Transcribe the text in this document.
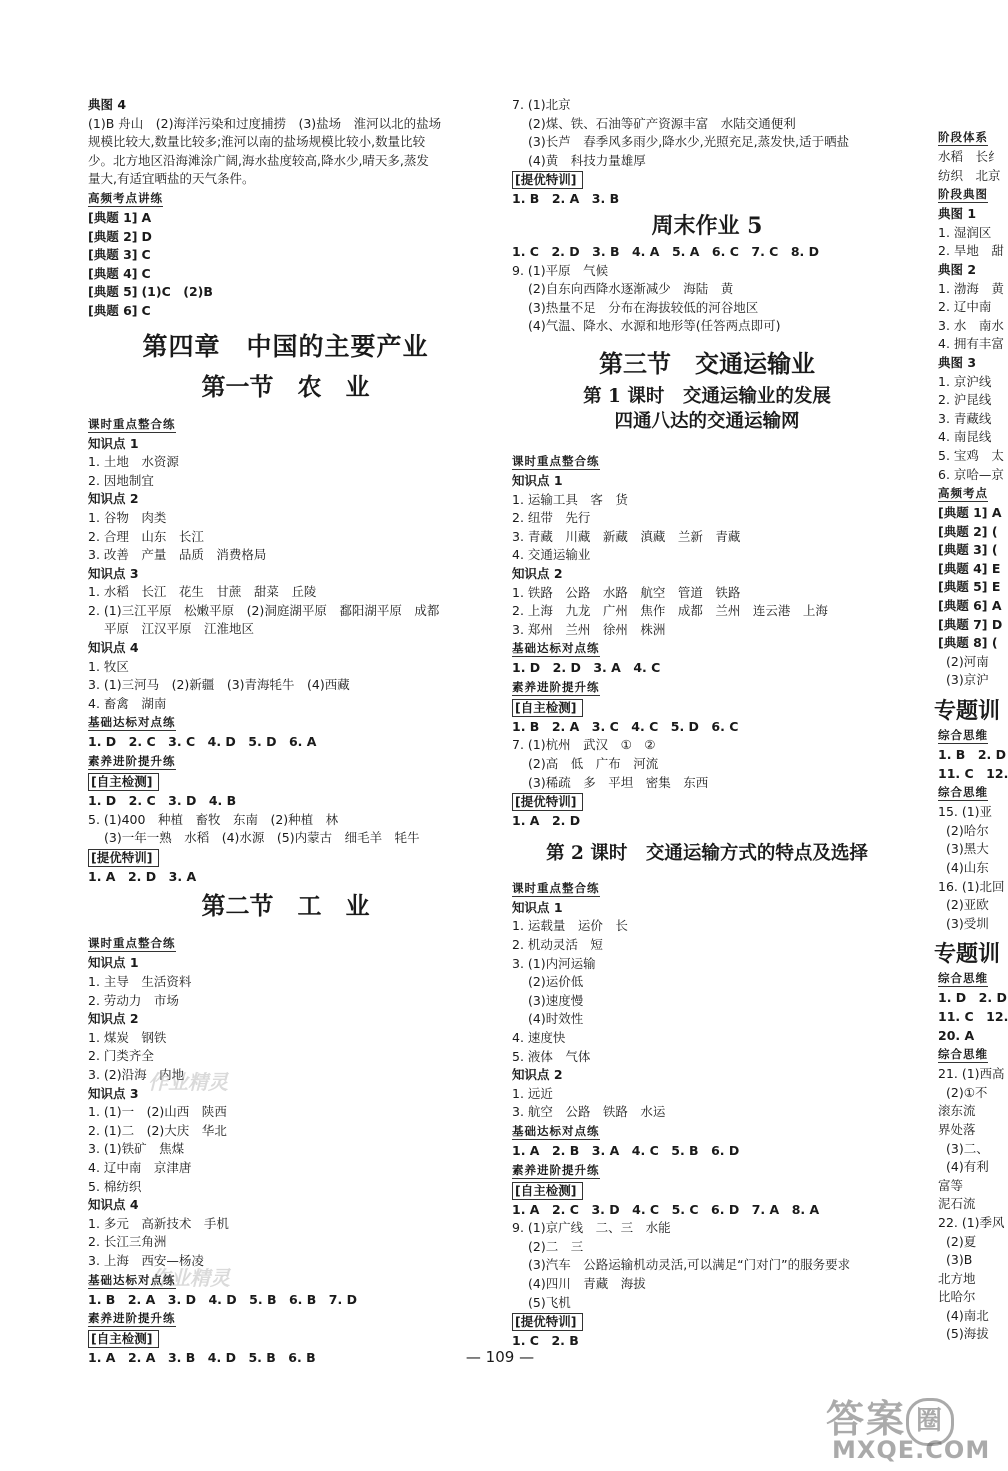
典图 4
(1)B 舟山　(2)海洋污染和过度捕捞　(3)盐场　淮河以北的盐场
规模比较大,数量比较多;淮河以南的盐场规模比较小,数量比较
少。北方地区沿海滩涂广阔,海水盐度较高,降水少,晴天多,蒸发
量大,有适宜晒盐的天气条件。
高频考点讲练
[典题 1] A
[典题 2] D
[典题 3] C
[典题 4] C
[典题 5] (1)C　(2)B
[典题 6] C
第四章　中国的主要产业
第一节　农　业
课时重点整合练
知识点 1
1. 土地　水资源
2. 因地制宜
知识点 2
1. 谷物　肉类
2. 合理　山东　长江
3. 改善　产量　品质　消费格局
知识点 3
1. 水稻　长江　花生　甘蔗　甜菜　丘陵
2. (1)三江平原　松嫩平原　(2)洞庭湖平原　鄱阳湖平原　成都
平原　江汉平原　江淮地区
知识点 4
1. 牧区
3. (1)三河马　(2)新疆　(3)青海牦牛　(4)西藏
4. 畜禽　湖南
基础达标对点练
1. D　2. C　3. C　4. D　5. D　6. A
素养进阶提升练
[自主检测]
1. D　2. C　3. D　4. B
5. (1)400　种植　畜牧　东南　(2)种植　林
(3)一年一熟　水稻　(4)水源　(5)内蒙古　细毛羊　牦牛
[提优特训]
1. A　2. D　3. A
第二节　工　业
课时重点整合练
知识点 1
1. 主导　生活资料
2. 劳动力　市场
知识点 2
1. 煤炭　钢铁
2. 门类齐全
3. (2)沿海　内地
知识点 3
1. (1)一　(2)山西　陕西
2. (1)二　(2)大庆　华北
3. (1)铁矿　焦煤
4. 辽中南　京津唐
5. 棉纺织
知识点 4
1. 多元　高新技术　手机
2. 长江三角洲
3. 上海　西安—杨凌
基础达标对点练
1. B　2. A　3. D　4. D　5. B　6. B　7. D
素养进阶提升练
[自主检测]
1. A　2. A　3. B　4. D　5. B　6. B
7. (1)北京
(2)煤、铁、石油等矿产资源丰富　水陆交通便利
(3)长芦　春季风多雨少,降水少,光照充足,蒸发快,适于晒盐
(4)黄　科技力量雄厚
[提优特训]
1. B　2. A　3. B
周末作业 5
1. C　2. D　3. B　4. A　5. A　6. C　7. C　8. D
9. (1)平原　气候
(2)自东向西降水逐渐减少　海陆　黄
(3)热量不足　分布在海拔较低的河谷地区
(4)气温、降水、水源和地形等(任答两点即可)
第三节　交通运输业
第 1 课时　交通运输业的发展
四通八达的交通运输网
课时重点整合练
知识点 1
1. 运输工具　客　货
2. 纽带　先行
3. 青藏　川藏　新藏　滇藏　兰新　青藏
4. 交通运输业
知识点 2
1. 铁路　公路　水路　航空　管道　铁路
2. 上海　九龙　广州　焦作　成都　兰州　连云港　上海
3. 郑州　兰州　徐州　株洲
基础达标对点练
1. D　2. D　3. A　4. C
素养进阶提升练
[自主检测]
1. B　2. A　3. C　4. C　5. D　6. C
7. (1)杭州　武汉　①　②
(2)高　低　广布　河流
(3)稀疏　多　平坦　密集　东西
[提优特训]
1. A　2. D
第 2 课时　交通运输方式的特点及选择
课时重点整合练
知识点 1
1. 运载量　运价　长
2. 机动灵活　短
3. (1)内河运输
(2)运价低
(3)速度慢
(4)时效性
4. 速度快
5. 液体　气体
知识点 2
1. 远近
3. 航空　公路　铁路　水运
基础达标对点练
1. A　2. B　3. A　4. C　5. B　6. D
素养进阶提升练
[自主检测]
1. A　2. C　3. D　4. C　5. C　6. D　7. A　8. A
9. (1)京广线　二、三　水能
(2)二　三
(3)汽车　公路运输机动灵活,可以满足“门对门”的服务要求
(4)四川　青藏　海拔
(5)飞机
[提优特训]
1. C　2. B
阶段体系
水稻　长纟
纺织　北京
阶段典图
典图 1
1. 湿润区
2. 旱地　甜
典图 2
1. 渤海　黄
2. 辽中南
3. 水　南水
4. 拥有丰富
典图 3
1. 京沪线
2. 沪昆线
3. 青藏线
4. 南昆线
5. 宝鸡　太
6. 京哈—京
高频考点
[典题 1] A
[典题 2] (
[典题 3] (
[典题 4] E
[典题 5] E
[典题 6] A
[典题 7] D
[典题 8] (
(2)河南
(3)京沪
专题训
综合思维
1. B　2. D
11. C　12.
综合思维
15. (1)亚
(2)哈尔
(3)黑大
(4)山东
16. (1)北回
(2)亚欧
(3)受圳
专题训
综合思维
1. D　2. D
11. C　12.
20. A
综合思维
21. (1)西高
(2)①不
滚东流
界处落
(3)二、
(4)有利
富等
泥石流
22. (1)季风
(2)夏
(3)B
北方地
比哈尔
(4)南北
(5)海拔
— 109 —
作业精灵
作业精灵
答案 圈
MXQE.COM
